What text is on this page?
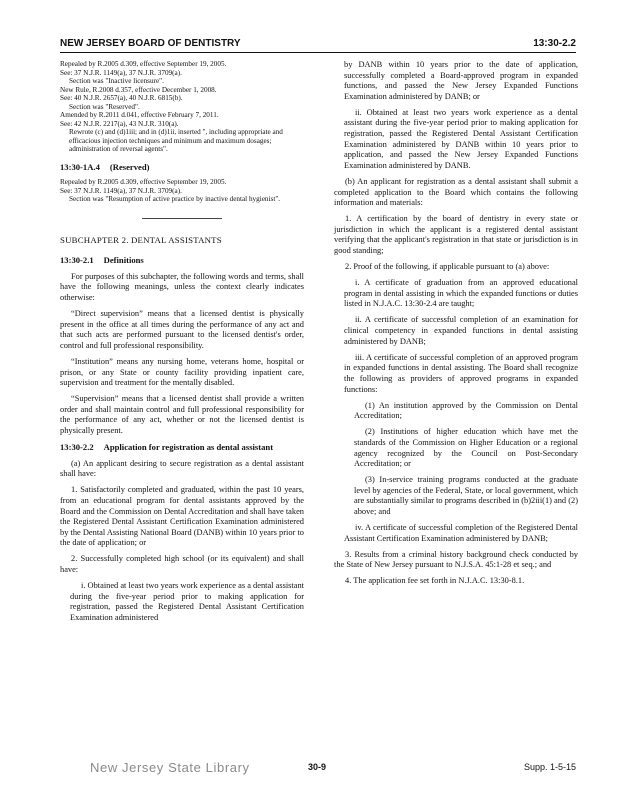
NEW JERSEY BOARD OF DENTISTRY	13:30-2.2

Repealed by R.2005 d.309, effective September 19, 2005.

See: 37 N.J.R. 1149(a), 37 N.J.R. 3709(a).

Section was "Inactive licensure".

New Rule, R.2008 d.357, effective December 1, 2008.

See: 40 N.J.R. 2657(a), 40 N.J.R. 6815(b).

Section was "Reserved".

Amended by R.2011 d.041, effective February 7, 2011.

See: 42 N.J.R. 2217(a), 43 N.J.R. 310(a).

Rewrote (c) and (d)1iii; and in (d)1ii, inserted ", including appropriate and efficacious injection techniques and minimum and maximum dosages; administration of reversal agents".

13:30-1A.4 (Reserved)

Repealed by R.2005 d.309, effective September 19, 2005.

See: 37 N.J.R. 1149(a), 37 N.J.R. 3709(a).

Section was "Resumption of active practice by inactive dental hygienist".

SUBCHAPTER 2. DENTAL ASSISTANTS

13:30-2.1 Definitions

For purposes of this subchapter, the following words and terms, shall have the following meanings, unless the context clearly indicates otherwise:

“Direct supervision” means that a licensed dentist is physically present in the office at all times during the performance of any act and that such acts are performed pursuant to the licensed dentist's order, control and full professional responsibility.

“Institution” means any nursing home, veterans home, hospital or prison, or any State or county facility providing inpatient care, supervision and treatment for the mentally disabled.

“Supervision” means that a licensed dentist shall provide a written order and shall maintain control and full professional responsibility for the performance of any act, whether or not the licensed dentist is physically present.

13:30-2.2 Application for registration as dental assistant

(a) An applicant desiring to secure registration as a dental assistant shall have:

1. Satisfactorily completed and graduated, within the past 10 years, from an educational program for dental assistants approved by the Board and the Commission on Dental Accreditation and shall have taken the Registered Dental Assistant Certification Examination administered by the Dental Assisting National Board (DANB) within 10 years prior to the date of application; or

2. Successfully completed high school (or its equivalent) and shall have:

i. Obtained at least two years work experience as a dental assistant during the five-year period prior to making application for registration, passed the Registered Dental Assistant Certification Examination administered

by DANB within 10 years prior to the date of application, successfully completed a Board-approved program in expanded functions, and passed the New Jersey Expanded Functions Examination administered by DANB; or

ii. Obtained at least two years work experience as a dental assistant during the five-year period prior to making application for registration, passed the Registered Dental Assistant Certification Examination administered by DANB within 10 years prior to application, and passed the New Jersey Expanded Functions Examination administered by DANB.

(b) An applicant for registration as a dental assistant shall submit a completed application to the Board which contains the following information and materials:

1. A certification by the board of dentistry in every state or jurisdiction in which the applicant is a registered dental assistant verifying that the applicant's registration in that state or jurisdiction is in good standing;

2. Proof of the following, if applicable pursuant to (a) above:

i. A certificate of graduation from an approved educational program in dental assisting in which the expanded functions or duties listed in N.J.A.C. 13:30-2.4 are taught;

ii. A certificate of successful completion of an examination for clinical competency in expanded functions in dental assisting administered by DANB;

iii. A certificate of successful completion of an approved program in expanded functions in dental assisting. The Board shall recognize the following as providers of approved programs in expanded functions:

(1) An institution approved by the Commission on Dental Accreditation;

(2) Institutions of higher education which have met the standards of the Commission on Higher Education or a regional agency recognized by the Council on Post-Secondary Accreditation; or

(3) In-service training programs conducted at the graduate level by agencies of the Federal, State, or local government, which are substantially similar to programs described in (b)2iii(1) and (2) above; and

iv. A certificate of successful completion of the Registered Dental Assistant Certification Examination administered by DANB;

3. Results from a criminal history background check conducted by the State of New Jersey pursuant to N.J.S.A. 45:1-28 et seq.; and

4. The application fee set forth in N.J.A.C. 13:30-8.1.

New Jersey State Library	30-9	Supp. 1-5-15
